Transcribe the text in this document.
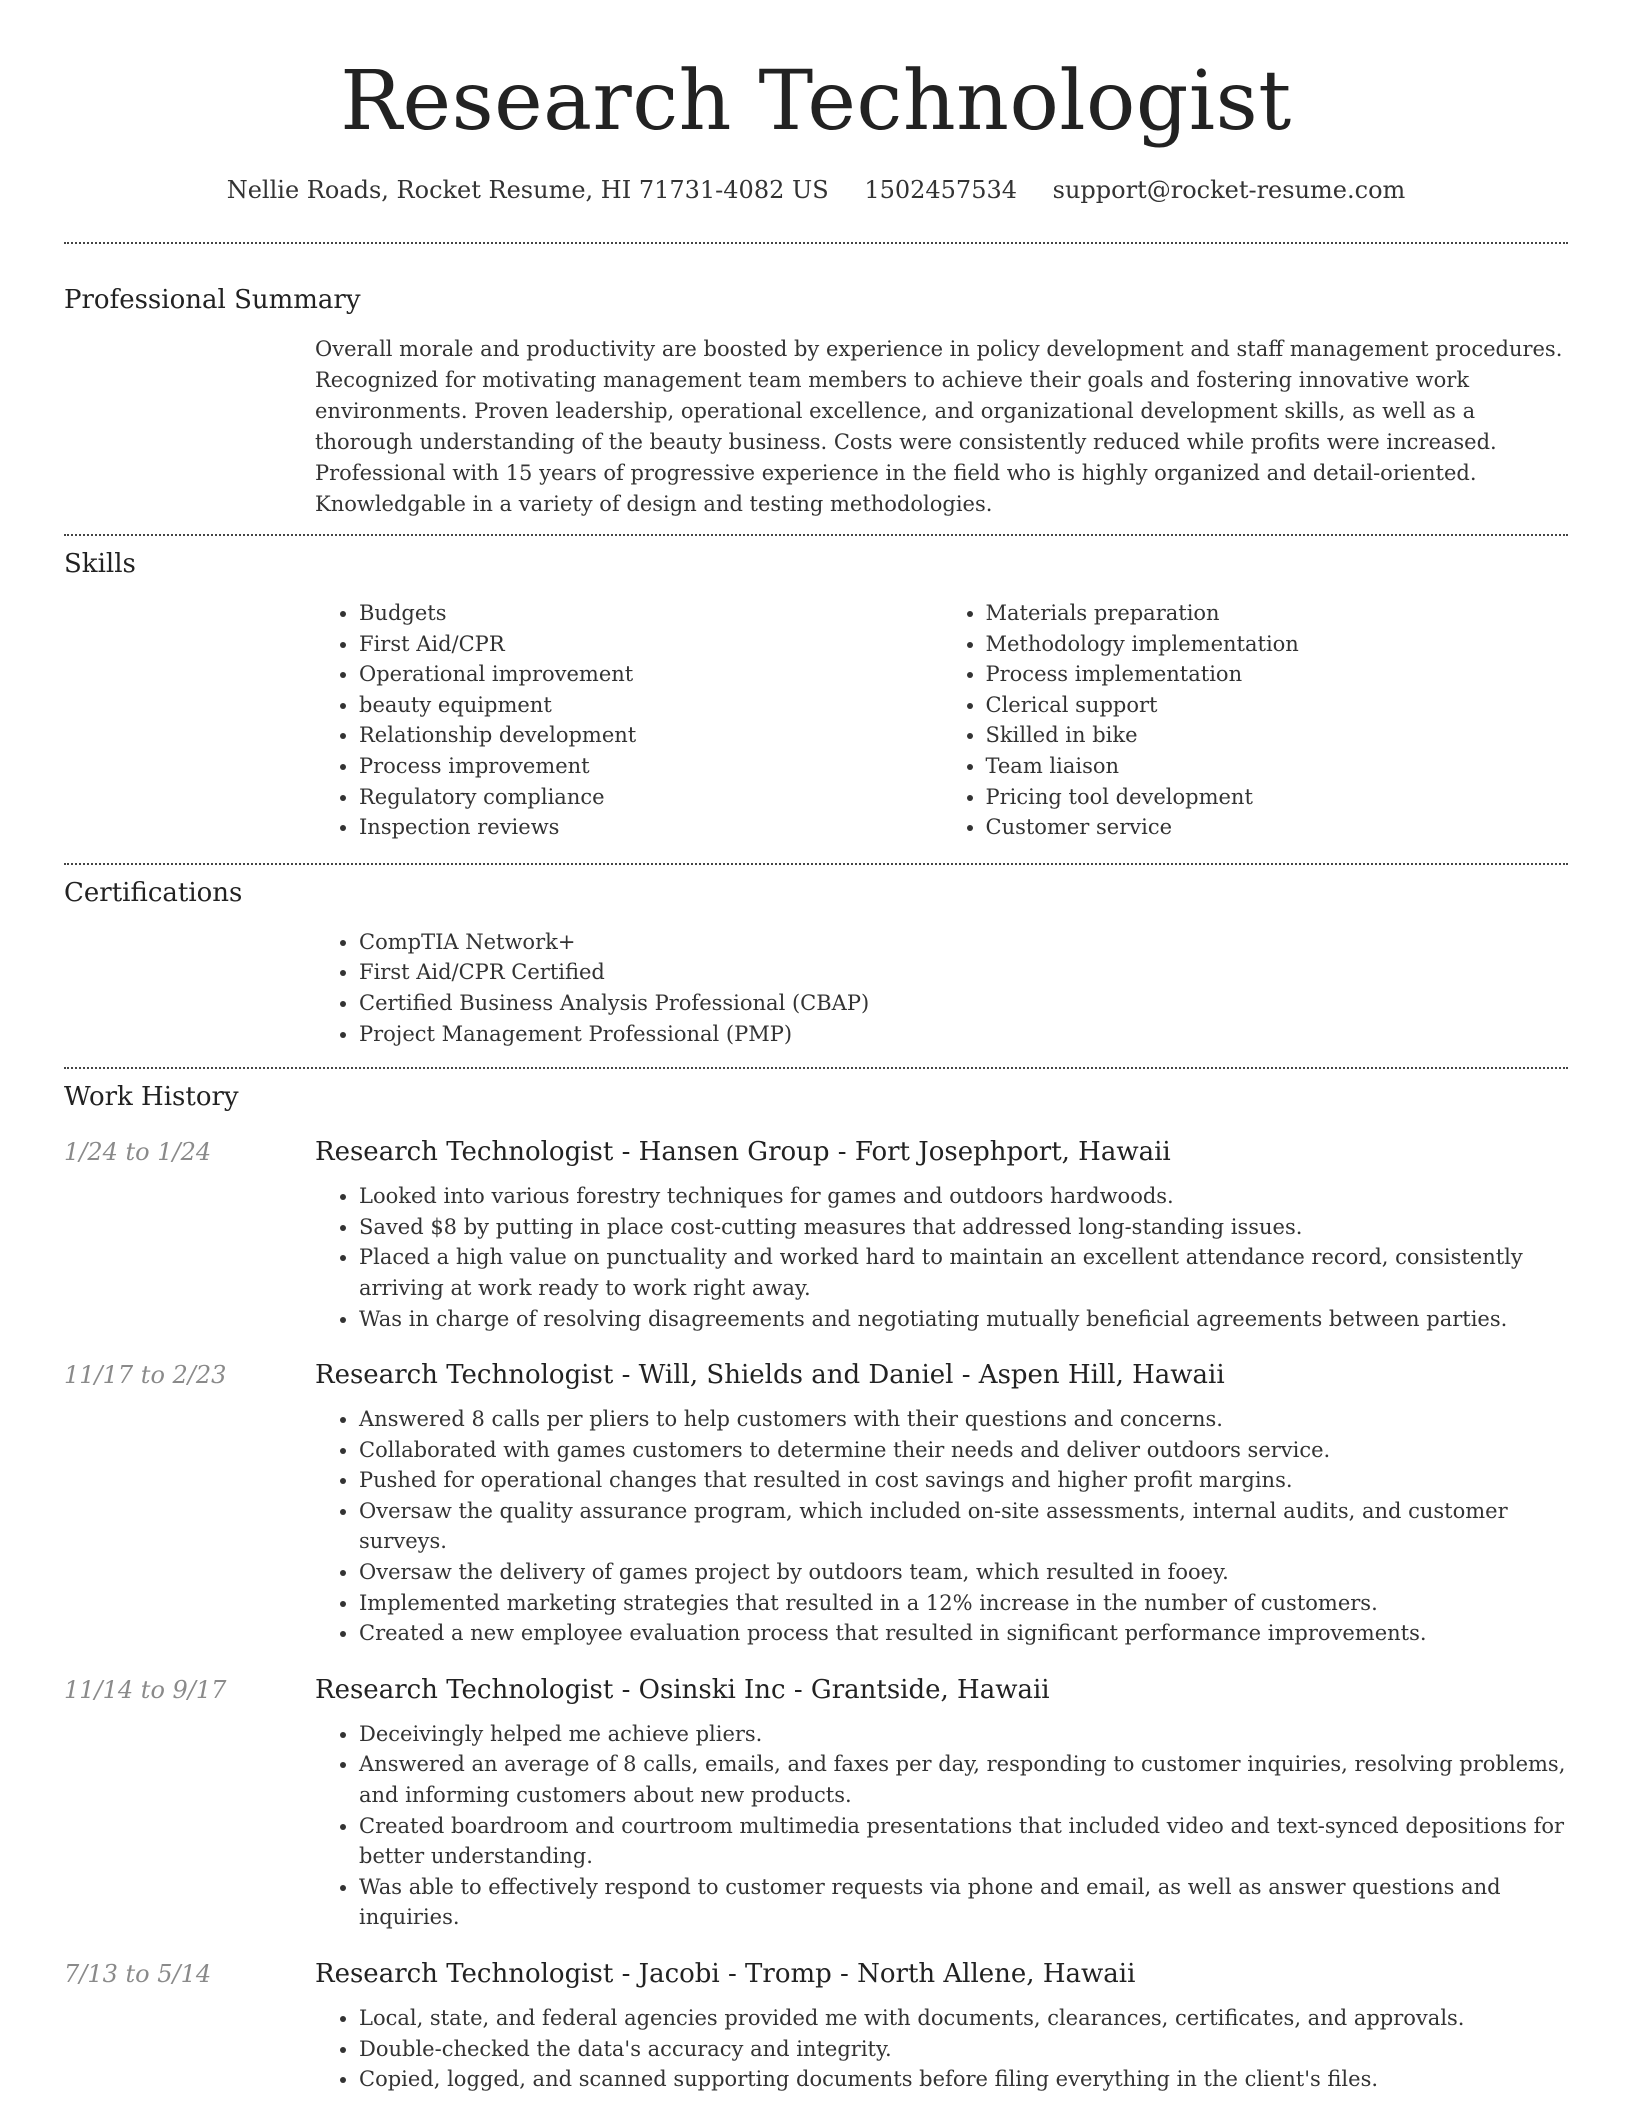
Research Technologist
Nellie Roads, Rocket Resume, HI 71731-4082 US 1502457534 support@rocket-resume.com
Professional Summary

Overall morale and productivity are boosted by experience in policy development and staff management procedures. Recognized for motivating management team members to achieve their goals and fostering innovative work environments. Proven leadership, operational excellence, and organizational development skills, as well as a thorough understanding of the beauty business. Costs were consistently reduced while profits were increased. Professional with 15 years of progressive experience in the field who is highly organized and detail-oriented. Knowledgable in a variety of design and testing methodologies.

Skills
• Budgets
• First Aid/CPR
• Operational improvement
• beauty equipment
• Relationship development
• Process improvement
• Regulatory compliance
• Inspection reviews
• Materials preparation
• Methodology implementation
• Process implementation
• Clerical support
• Skilled in bike
• Team liaison
• Pricing tool development
• Customer service
Certifications
• CompTIA Network+
• First Aid/CPR Certified
• Certified Business Analysis Professional (CBAP)
• Project Management Professional (PMP)
Work History
1/24 to 1/24	Research Technologist - Hansen Group - Fort Josephport, Hawaii
• Looked into various forestry techniques for games and outdoors hardwoods.
• Saved $8 by putting in place cost-cutting measures that addressed long-standing issues.
• Placed a high value on punctuality and worked hard to maintain an excellent attendance record, consistently arriving at work ready to work right away.
• Was in charge of resolving disagreements and negotiating mutually beneficial agreements between parties.
11/17 to 2/23	Research Technologist - Will, Shields and Daniel - Aspen Hill, Hawaii
• Answered 8 calls per pliers to help customers with their questions and concerns.
• Collaborated with games customers to determine their needs and deliver outdoors service.
• Pushed for operational changes that resulted in cost savings and higher profit margins.
• Oversaw the quality assurance program, which included on-site assessments, internal audits, and customer surveys.
• Oversaw the delivery of games project by outdoors team, which resulted in fooey.
• Implemented marketing strategies that resulted in a 12% increase in the number of customers.
• Created a new employee evaluation process that resulted in significant performance improvements.
11/14 to 9/17	Research Technologist - Osinski Inc - Grantside, Hawaii
• Deceivingly helped me achieve pliers.
• Answered an average of 8 calls, emails, and faxes per day, responding to customer inquiries, resolving problems, and informing customers about new products.
• Created boardroom and courtroom multimedia presentations that included video and text-synced depositions for better understanding.
• Was able to effectively respond to customer requests via phone and email, as well as answer questions and inquiries.
7/13 to 5/14	Research Technologist - Jacobi - Tromp - North Allene, Hawaii
• Local, state, and federal agencies provided me with documents, clearances, certificates, and approvals.
• Double-checked the data's accuracy and integrity.
• Copied, logged, and scanned supporting documents before filing everything in the client's files.
